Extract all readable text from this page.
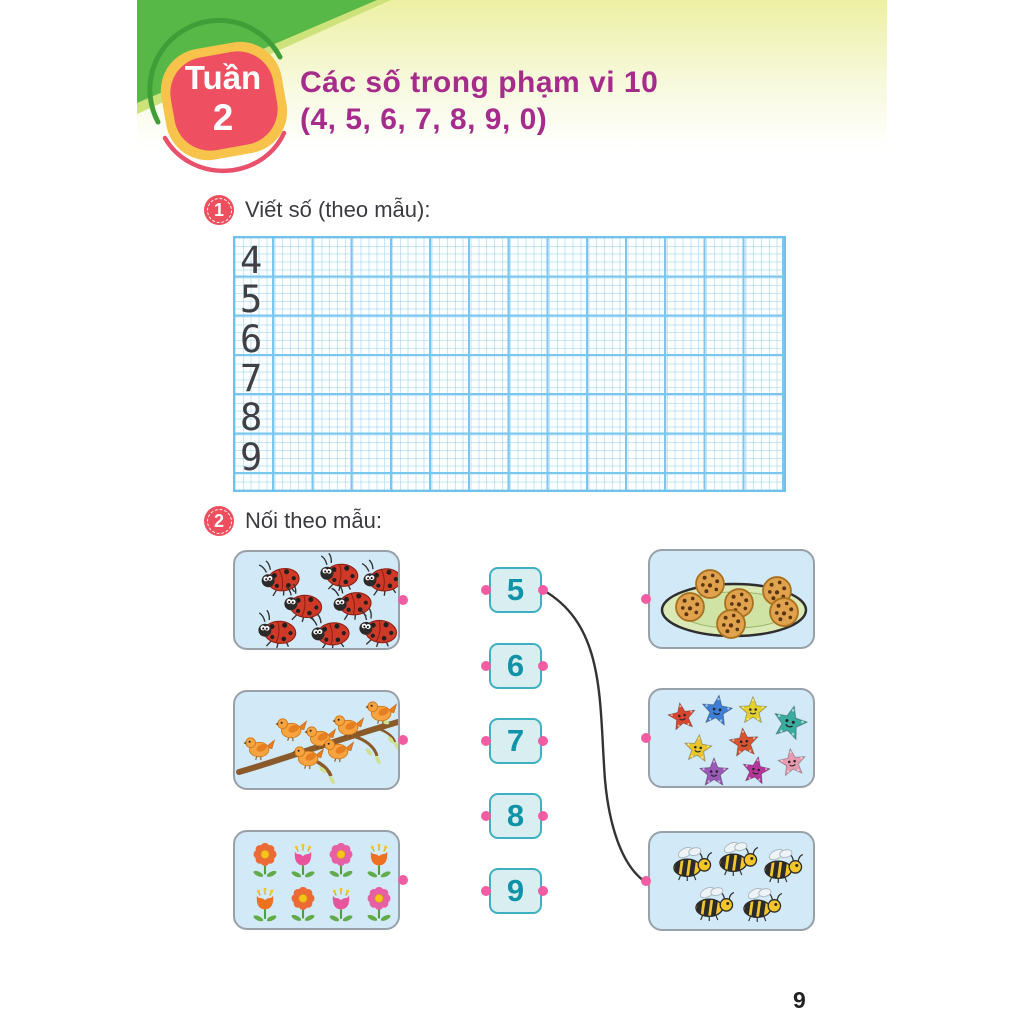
Tuần
2
Các số trong phạm vi 10
(4, 5, 6, 7, 8, 9, 0)
1 Viết số (theo mẫu):
4
5
6
7
8
9
2 Nối theo mẫu:
9
5
6
7
8
9
